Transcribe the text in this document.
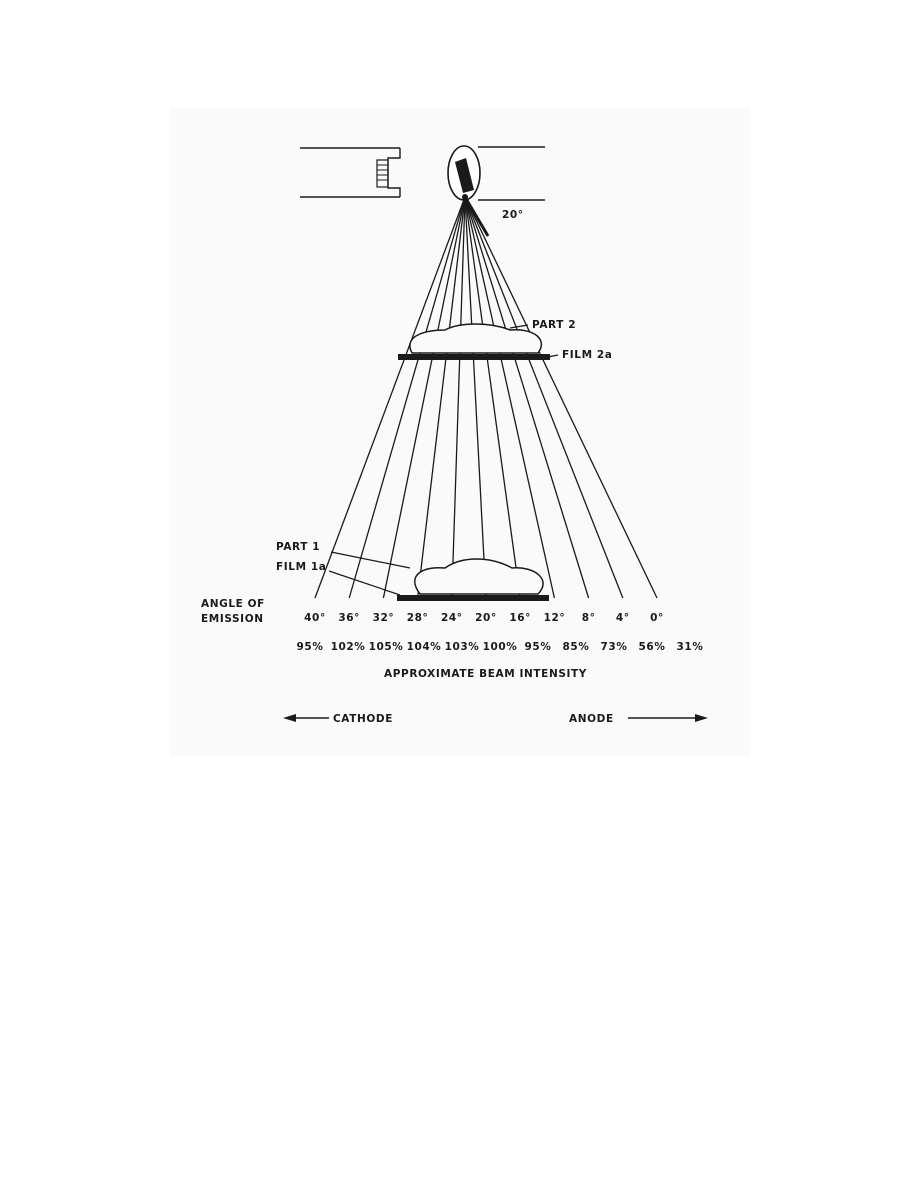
20°
PART 2
FILM 2a
PART 1
FILM 1a
ANGLE OF
EMISSION	40° 36° 32° 28° 24° 20° 16° 12° 8° 4° 0°
95% 102% 105% 104% 103% 100% 95% 85% 73% 56% 31%
APPROXIMATE BEAM INTENSITY
CATHODE	ANODE
